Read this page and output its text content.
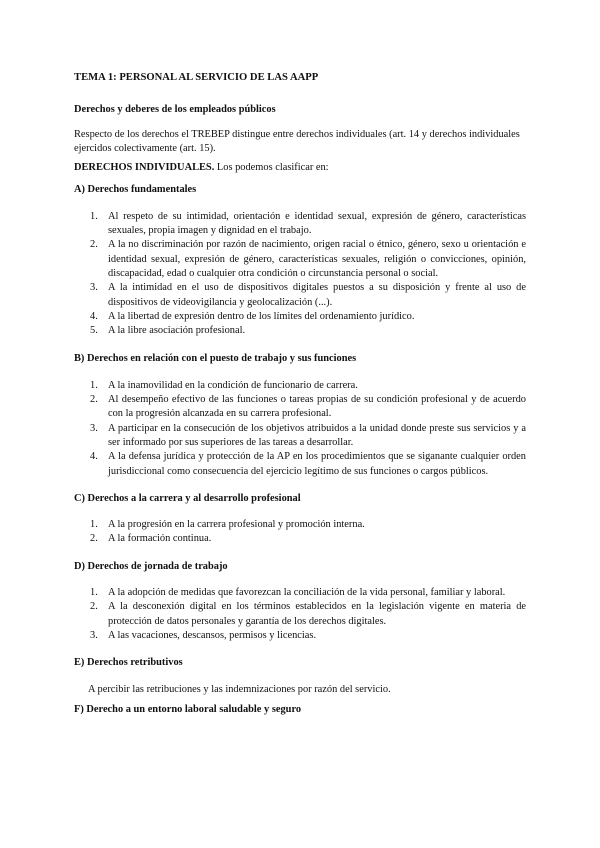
TEMA 1: PERSONAL AL SERVICIO DE LAS AAPP
Derechos y deberes de los empleados públicos

Respecto de los derechos el TREBEP distingue entre derechos individuales (art. 14 y derechos individuales ejercidos colectivamente (art. 15).

DERECHOS INDIVIDUALES. Los podemos clasificar en:

A) Derechos fundamentales
1. Al respeto de su intimidad, orientación e identidad sexual, expresión de género, características sexuales, propia imagen y dignidad en el trabajo.
2. A la no discriminación por razón de nacimiento, origen racial o étnico, género, sexo u orientación e identidad sexual, expresión de género, características sexuales, religión o convicciones, opinión, discapacidad, edad o cualquier otra condición o circunstancia personal o social.
3. A la intimidad en el uso de dispositivos digitales puestos a su disposición y frente al uso de dispositivos de videovigilancia y geolocalización (...).
4. A la libertad de expresión dentro de los límites del ordenamiento jurídico.
5. A la libre asociación profesional.
B) Derechos en relación con el puesto de trabajo y sus funciones
1. A la inamovilidad en la condición de funcionario de carrera.
2. Al desempeño efectivo de las funciones o tareas propias de su condición profesional y de acuerdo con la progresión alcanzada en su carrera profesional.
3. A participar en la consecución de los objetivos atribuidos a la unidad donde preste sus servicios y a ser informado por sus superiores de las tareas a desarrollar.
4. A la defensa jurídica y protección de la AP en los procedimientos que se siganante cualquier orden jurisdiccional como consecuencia del ejercicio legítimo de sus funciones o cargos públicos.
C) Derechos a la carrera y al desarrollo profesional
1. A la progresión en la carrera profesional y promoción interna.
2. A la formación continua.
D) Derechos de jornada de trabajo
1. A la adopción de medidas que favorezcan la conciliación de la vida personal, familiar y laboral.
2. A la desconexión digital en los términos establecidos en la legislación vigente en materia de protección de datos personales y garantía de los derechos digitales.
3. A las vacaciones, descansos, permisos y licencias.
E) Derechos retributivos

A percibir las retribuciones y las indemnizaciones por razón del servicio.

F) Derecho a un entorno laboral saludable y seguro
